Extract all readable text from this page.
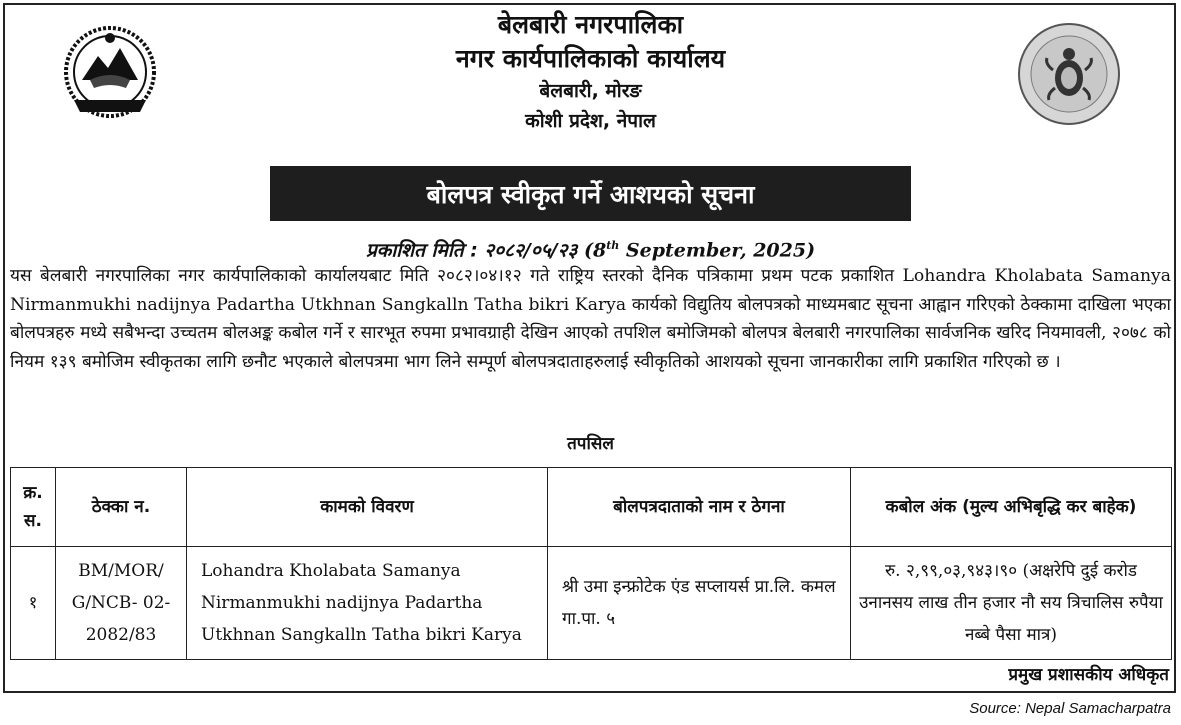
बेलबारी नगरपालिका
नगर कार्यपालिकाको कार्यालय
बेलबारी, मोरङ
कोशी प्रदेश, नेपाल
बोलपत्र स्वीकृत गर्ने आशयको सूचना
प्रकाशित मिति : २०८२/०५/२३ (8th September, 2025)
यस बेलबारी नगरपालिका नगर कार्यपालिकाको कार्यालयबाट मिति २०८२।०४।१२ गते राष्ट्रिय स्तरको दैनिक पत्रिकामा प्रथम पटक प्रकाशित Lohandra Kholabata Samanya Nirmanmukhi nadijnya Padartha Utkhnan Sangkalln Tatha bikri Karya कार्यको विद्युतिय बोलपत्रको माध्यमबाट सूचना आह्वान गरिएको ठेक्कामा दाखिला भएका बोलपत्रहरु मध्ये सबैभन्दा उच्चतम बोलअङ्क कबोल गर्ने र सारभूत रुपमा प्रभावग्राही देखिन आएको तपशिल बमोजिमको बोलपत्र बेलबारी नगरपालिका सार्वजनिक खरिद नियमावली, २०७८ को नियम १३९ बमोजिम स्वीकृतका लागि छनौट भएकाले बोलपत्रमा भाग लिने सम्पूर्ण बोलपत्रदाताहरुलाई स्वीकृतिको आशयको सूचना जानकारीका लागि प्रकाशित गरिएको छ ।
तपसिल
क्र. स.	ठेक्का न.	कामको विवरण	बोलपत्रदाताको नाम र ठेगना	कबोल अंक (मुल्य अभिबृद्धि कर बाहेक)
१	BM/MOR/ G/NCB- 02-2082/83	Lohandra Kholabata Samanya Nirmanmukhi nadijnya Padartha Utkhnan Sangkalln Tatha bikri Karya	श्री उमा इन्फ्रोटेक एंड सप्लायर्स प्रा.लि. कमल गा.पा. ५	रु. २,९९,०३,९४३।९० (अक्षरेपि दुई करोड उनानसय लाख तीन हजार नौ सय त्रिचालिस रुपैया नब्बे पैसा मात्र)
प्रमुख प्रशासकीय अधिकृत
Source: Nepal Samacharpatra
